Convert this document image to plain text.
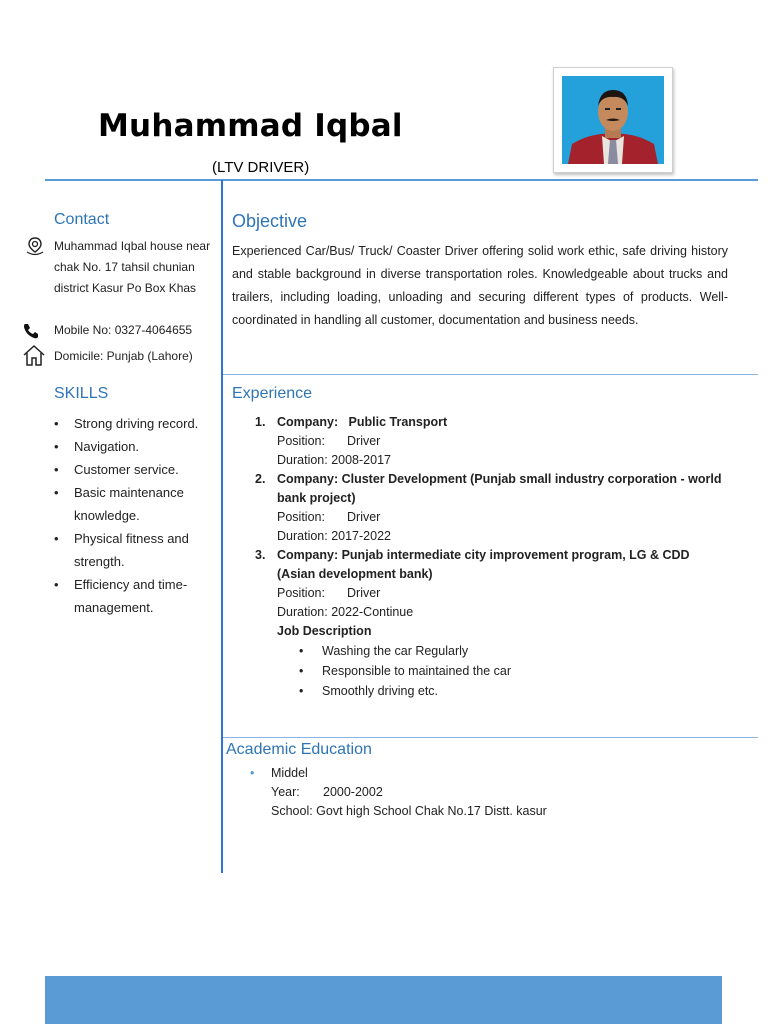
Muhammad Iqbal
(LTV DRIVER)
Contact
Muhammad Iqbal house near chak No. 17 tahsil chunian district Kasur Po Box Khas
Mobile No: 0327-4064655
Domicile: Punjab (Lahore)
SKILLS
• Strong driving record.
• Navigation.
• Customer service.
• Basic maintenance knowledge.
• Physical fitness and strength.
• Efficiency and time-management.
Objective
Experienced Car/Bus/ Truck/ Coaster Driver offering solid work ethic, safe driving history and stable background in diverse transportation roles. Knowledgeable about trucks and trailers, including loading, unloading and securing different types of products. Well-coordinated in handling all customer, documentation and business needs.
Experience
1. Company:   Public Transport
Position: Driver
Duration: 2008-2017
2. Company: Cluster Development (Punjab small industry corporation - world bank project)
Position: Driver
Duration: 2017-2022
3. Company: Punjab intermediate city improvement program, LG & CDD (Asian development bank)
Position: Driver
Duration: 2022-Continue
Job Description
• Washing the car Regularly
• Responsible to maintained the car
• Smoothly driving etc.
Academic Education
• Middel
Year: 2000-2002
School: Govt high School Chak No.17 Distt. kasur
